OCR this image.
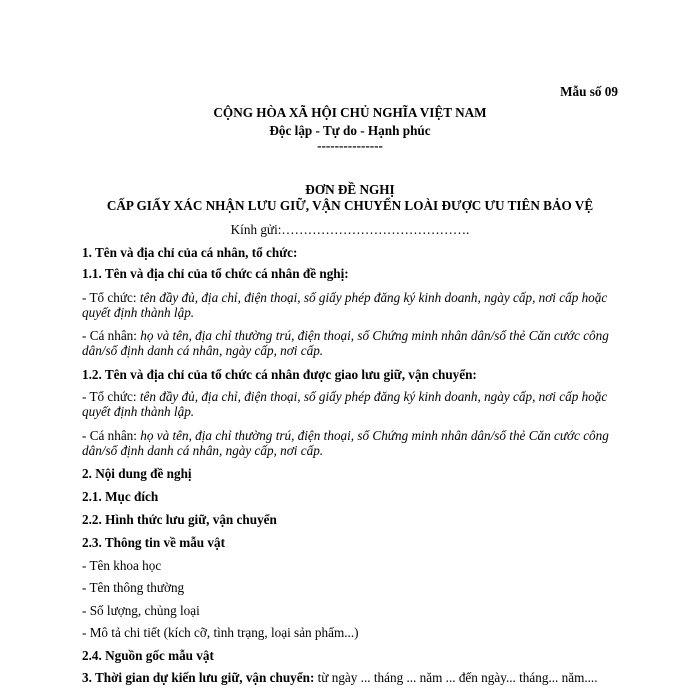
Mẫu số 09
CỘNG HÒA XÃ HỘI CHỦ NGHĨA VIỆT NAM
Độc lập - Tự do - Hạnh phúc
---------------
ĐƠN ĐỀ NGHỊ
CẤP GIẤY XÁC NHẬN LƯU GIỮ, VẬN CHUYỂN LOÀI ĐƯỢC ƯU TIÊN BẢO VỆ
Kính gửi:…………………………………….
1. Tên và địa chỉ của cá nhân, tổ chức:
1.1. Tên và địa chỉ của tổ chức cá nhân đề nghị:
- Tổ chức: tên đầy đủ, địa chỉ, điện thoại, số giấy phép đăng ký kinh doanh, ngày cấp, nơi cấp hoặc quyết định thành lập.
- Cá nhân: họ và tên, địa chỉ thường trú, điện thoại, số Chứng minh nhân dân/số thẻ Căn cước công dân/số định danh cá nhân, ngày cấp, nơi cấp.
1.2. Tên và địa chỉ của tổ chức cá nhân được giao lưu giữ, vận chuyển:
- Tổ chức: tên đầy đủ, địa chỉ, điện thoại, số giấy phép đăng ký kinh doanh, ngày cấp, nơi cấp hoặc quyết định thành lập.
- Cá nhân: họ và tên, địa chỉ thường trú, điện thoại, số Chứng minh nhân dân/số thẻ Căn cước công dân/số định danh cá nhân, ngày cấp, nơi cấp.
2. Nội dung đề nghị
2.1. Mục đích
2.2. Hình thức lưu giữ, vận chuyển
2.3. Thông tin về mẫu vật
- Tên khoa học
- Tên thông thường
- Số lượng, chủng loại
- Mô tả chi tiết (kích cỡ, tình trạng, loại sản phẩm...)
2.4. Nguồn gốc mẫu vật
3. Thời gian dự kiến lưu giữ, vận chuyển: từ ngày ... tháng ... năm ... đến ngày... tháng... năm....
